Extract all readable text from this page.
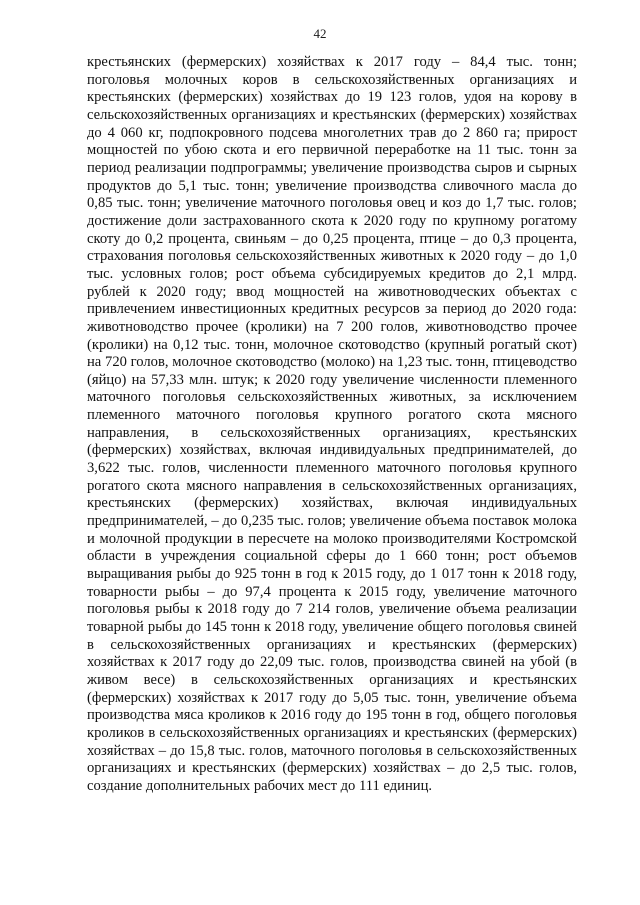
42

крестьянских (фермерских) хозяйствах к 2017 году – 84,4 тыс. тонн; поголовья молочных коров в сельскохозяйственных организациях и крестьянских (фермерских) хозяйствах до 19 123 голов, удоя на корову в сельскохозяйственных организациях и крестьянских (фермерских) хозяйствах до 4 060 кг, подпокровного подсева многолетних трав до 2 860 га; прирост мощностей по убою скота и его первичной переработке на 11 тыс. тонн за период реализации подпрограммы; увеличение производства сыров и сырных продуктов до 5,1 тыс. тонн; увеличение производства сливочного масла до 0,85 тыс. тонн; увеличение маточного поголовья овец и коз до 1,7 тыс. голов; достижение доли застрахованного скота к 2020 году по крупному рогатому скоту до 0,2 процента, свиньям – до 0,25 процента, птице – до 0,3 процента, страхования поголовья сельскохозяйственных животных к 2020 году – до 1,0 тыс. условных голов; рост объема субсидируемых кредитов до 2,1 млрд. рублей к 2020 году; ввод мощностей на животноводческих объектах с привлечением инвестиционных кредитных ресурсов за период до 2020 года: животноводство прочее (кролики) на 7 200 голов, животноводство прочее (кролики) на 0,12 тыс. тонн, молочное скотоводство (крупный рогатый скот) на 720 голов, молочное скотоводство (молоко) на 1,23 тыс. тонн, птицеводство (яйцо) на 57,33 млн. штук; к 2020 году увеличение численности племенного маточного поголовья сельскохозяйственных животных, за исключением племенного маточного поголовья крупного рогатого скота мясного направления, в сельскохозяйственных организациях, крестьянских (фермерских) хозяйствах, включая индивидуальных предпринимателей, до 3,622 тыс. голов, численности племенного маточного поголовья крупного рогатого скота мясного направления в сельскохозяйственных организациях, крестьянских (фермерских) хозяйствах, включая индивидуальных предпринимателей, – до 0,235 тыс. голов; увеличение объема поставок молока и молочной продукции в пересчете на молоко производителями Костромской области в учреждения социальной сферы до 1 660 тонн; рост объемов выращивания рыбы до 925 тонн в год к 2015 году, до 1 017 тонн к 2018 году, товарности рыбы – до 97,4 процента к 2015 году, увеличение маточного поголовья рыбы к 2018 году до 7 214 голов, увеличение объема реализации товарной рыбы до 145 тонн к 2018 году, увеличение общего поголовья свиней в сельскохозяйственных организациях и крестьянских (фермерских) хозяйствах к 2017 году до 22,09 тыс. голов, производства свиней на убой (в живом весе) в сельскохозяйственных организациях и крестьянских (фермерских) хозяйствах к 2017 году до 5,05 тыс. тонн, увеличение объема производства мяса кроликов к 2016 году до 195 тонн в год, общего поголовья кроликов в сельскохозяйственных организациях и крестьянских (фермерских) хозяйствах – до 15,8 тыс. голов, маточного поголовья в сельскохозяйственных организациях и крестьянских (фермерских) хозяйствах – до 2,5 тыс. голов, создание дополнительных рабочих мест до 111 единиц.
